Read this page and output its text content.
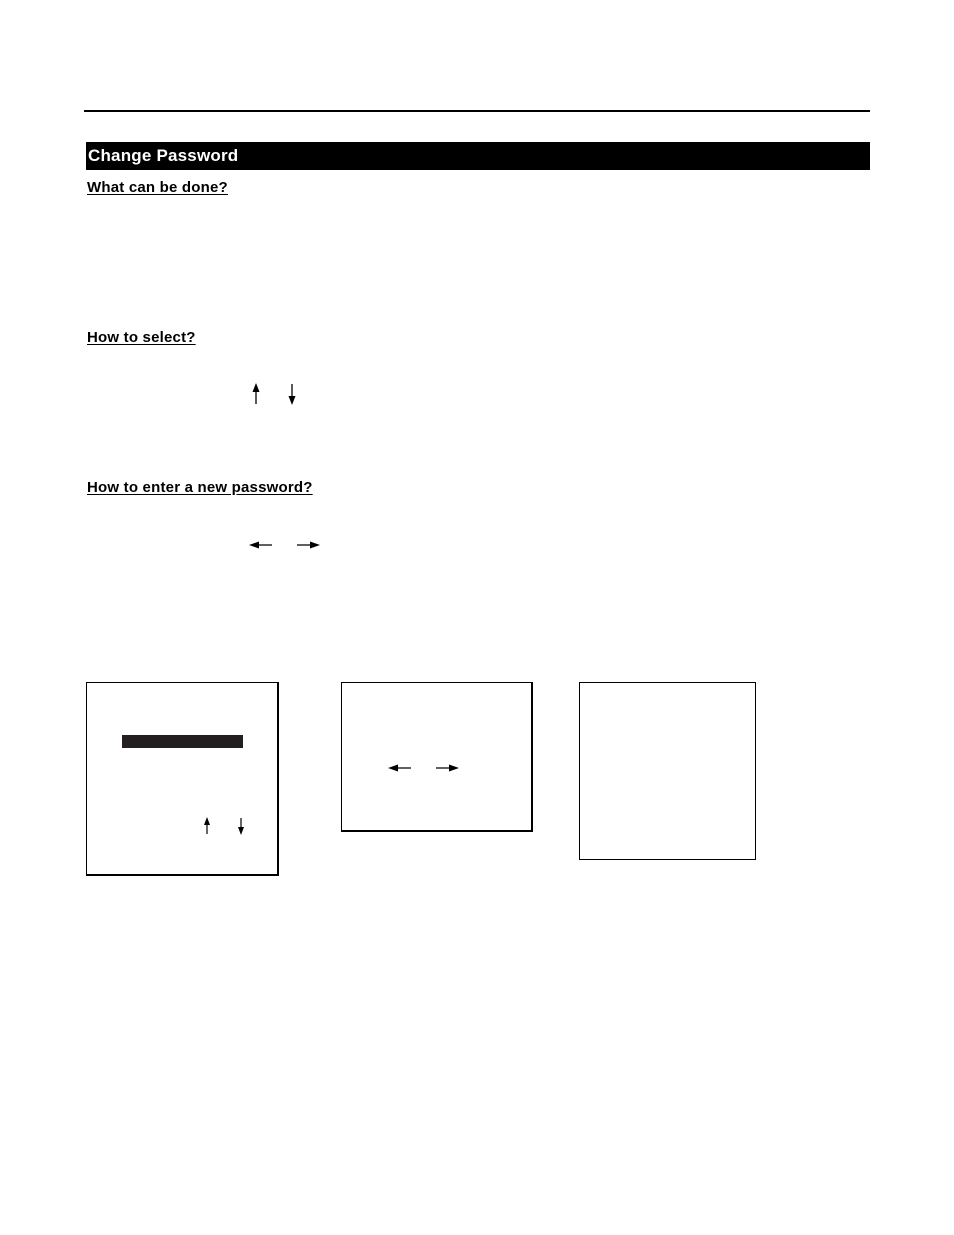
Change Password
What can be done?
How to select?
How to enter a new password?
